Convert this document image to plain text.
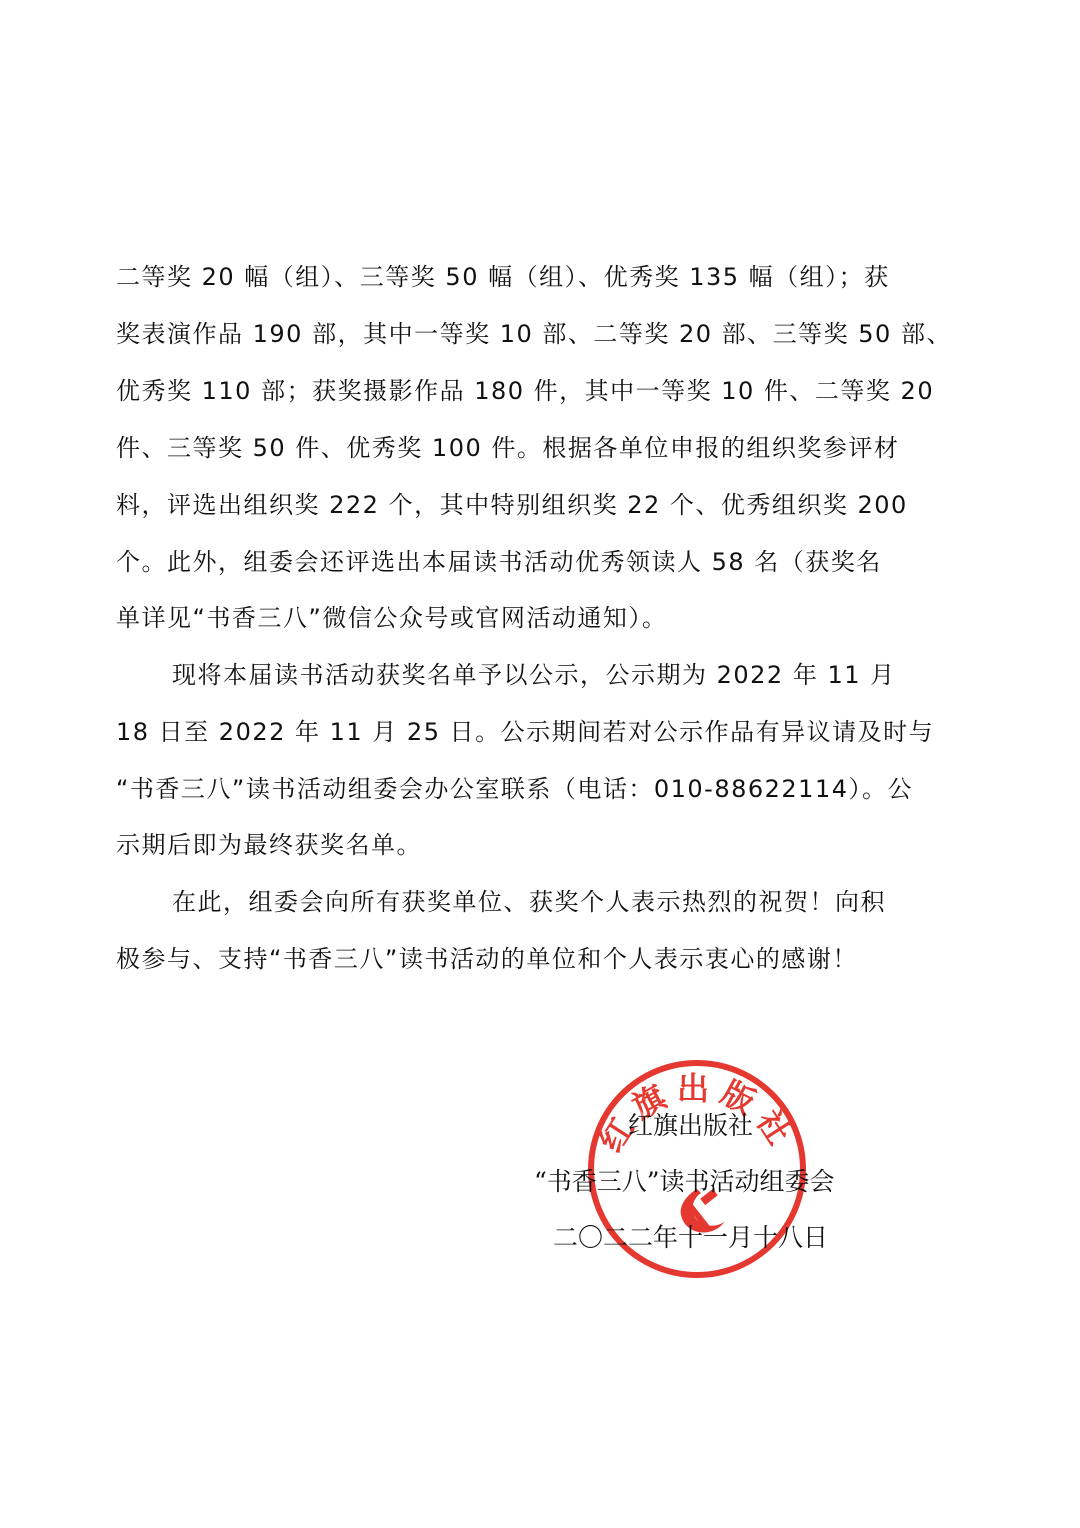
二等奖 20 幅（组）、三等奖 50 幅（组）、优秀奖 135 幅（组）；获
奖表演作品 190 部，其中一等奖 10 部、二等奖 20 部、三等奖 50 部、
优秀奖 110 部；获奖摄影作品 180 件，其中一等奖 10 件、二等奖 20
件、三等奖 50 件、优秀奖 100 件。根据各单位申报的组织奖参评材
料，评选出组织奖 222 个，其中特别组织奖 22 个、优秀组织奖 200
个。此外，组委会还评选出本届读书活动优秀领读人 58 名（获奖名
单详见“书香三八”微信公众号或官网活动通知）。
现将本届读书活动获奖名单予以公示，公示期为 2022 年 11 月
18 日至 2022 年 11 月 25 日。公示期间若对公示作品有异议请及时与
“书香三八”读书活动组委会办公室联系（电话：010-88622114）。公
示期后即为最终获奖名单。
在此，组委会向所有获奖单位、获奖个人表示热烈的祝贺！向积
极参与、支持“书香三八”读书活动的单位和个人表示衷心的感谢！
红旗出版社
红旗出版社
“书香三八”读书活动组委会
二〇二二年十一月十八日
